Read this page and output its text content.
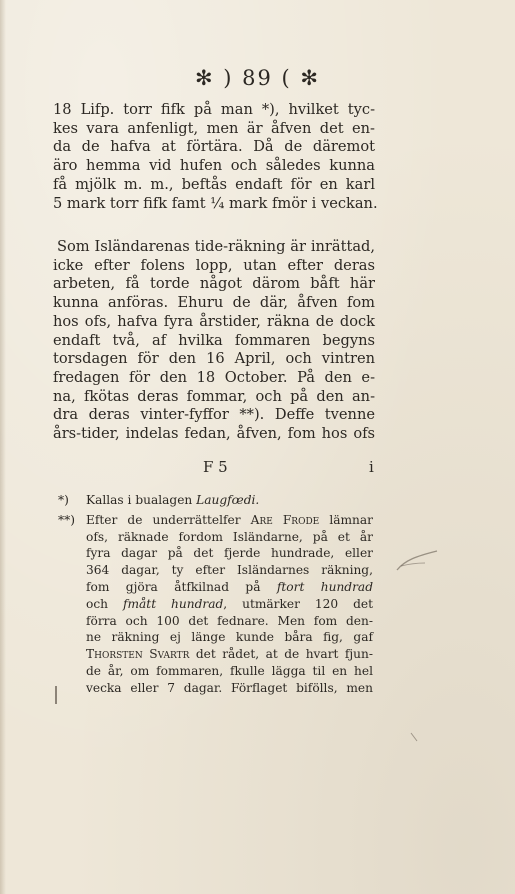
✻ ) 89 ( ✻
18 Lifp. torr fifk på man *), hvilket tyc-
kes vara anfenligt, men är åfven det en-
da de hafva at förtära. Då de däremot
äro hemma vid hufen och således kunna
få mjölk m. m., beftås endaft för en karl
5 mark torr fifk famt ¼ mark fmör i veckan.
Som Isländarenas tide-räkning är inrättad,
icke efter folens lopp, utan efter deras
arbeten, få torde något därom båft här
kunna anföras. Ehuru de där, åfven fom
hos ofs, hafva fyra årstider, räkna de dock
endaft två, af hvilka fommaren begyns
torsdagen för den 16 April, och vintren
fredagen för den 18 October. På den e-
na, fkötas deras fommar, och på den an-
dra deras vinter-fyffor **). Deffe tvenne
års-tider, indelas fedan, åfven, fom hos ofs
F 5	i
*) Kallas i bualagen Laugfœdi.
**) Efter de underrättelfer Are Frode lämnar
ofs, räknade fordom Isländarne, på et år
fyra dagar på det fjerde hundrade, eller
364 dagar, ty efter Isländarnes räkning,
fom gjöra åtfkilnad på ftort hundrad
och fmått hundrad, utmärker 120 det
förra och 100 det fednare. Men fom den-
ne räkning ej länge kunde båra fig, gaf
Thorsten Svartr det rådet, at de hvart fjun-
de år, om fommaren, fkulle lägga til en hel
vecka eller 7 dagar. Förflaget bifölls, men
